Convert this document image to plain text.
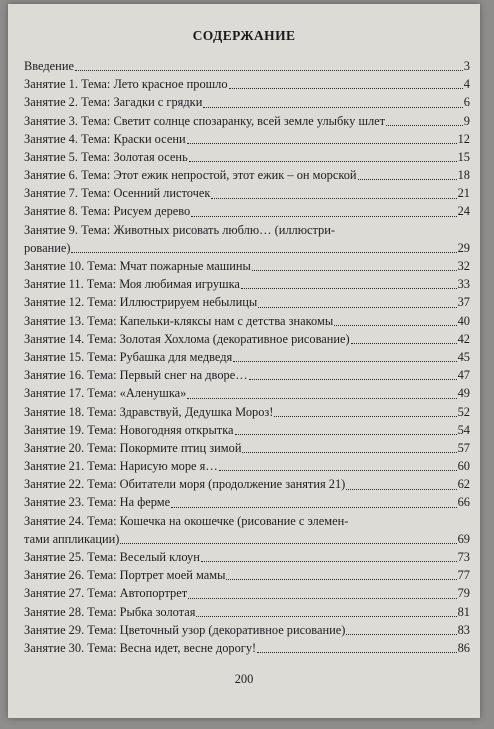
СОДЕРЖАНИЕ
Введение	3
Занятие 1. Тема: Лето красное прошло	4
Занятие 2. Тема: Загадки с грядки	6
Занятие 3. Тема: Светит солнце спозаранку, всей земле улыбку шлет	9
Занятие 4. Тема: Краски осени	12
Занятие 5. Тема: Золотая осень	15
Занятие 6. Тема: Этот ежик непростой, этот ежик – он морской	18
Занятие 7. Тема: Осенний листочек	21
Занятие 8. Тема: Рисуем дерево	24
Занятие 9. Тема: Животных рисовать люблю… (иллюстри-
рование)	29
Занятие 10. Тема: Мчат пожарные машины	32
Занятие 11. Тема: Моя любимая игрушка	33
Занятие 12. Тема: Иллюстрируем небылицы	37
Занятие 13. Тема: Капельки-кляксы нам с детства знакомы	40
Занятие 14. Тема: Золотая Хохлома (декоративное рисование)	42
Занятие 15. Тема: Рубашка для медведя	45
Занятие 16. Тема: Первый снег на дворе…	47
Занятие 17. Тема: «Аленушка»	49
Занятие 18. Тема: Здравствуй, Дедушка Мороз!	52
Занятие 19. Тема: Новогодняя открытка	54
Занятие 20. Тема: Покормите птиц зимой	57
Занятие 21. Тема: Нарисую море я…	60
Занятие 22. Тема: Обитатели моря (продолжение занятия 21)	62
Занятие 23. Тема: На ферме	66
Занятие 24. Тема: Кошечка на окошечке (рисование с элемен-
тами аппликации)	69
Занятие 25. Тема: Веселый клоун	73
Занятие 26. Тема: Портрет моей мамы	77
Занятие 27. Тема: Автопортрет	79
Занятие 28. Тема: Рыбка золотая	81
Занятие 29. Тема: Цветочный узор (декоративное рисование)	83
Занятие 30. Тема: Весна идет, весне дорогу!	86
200
